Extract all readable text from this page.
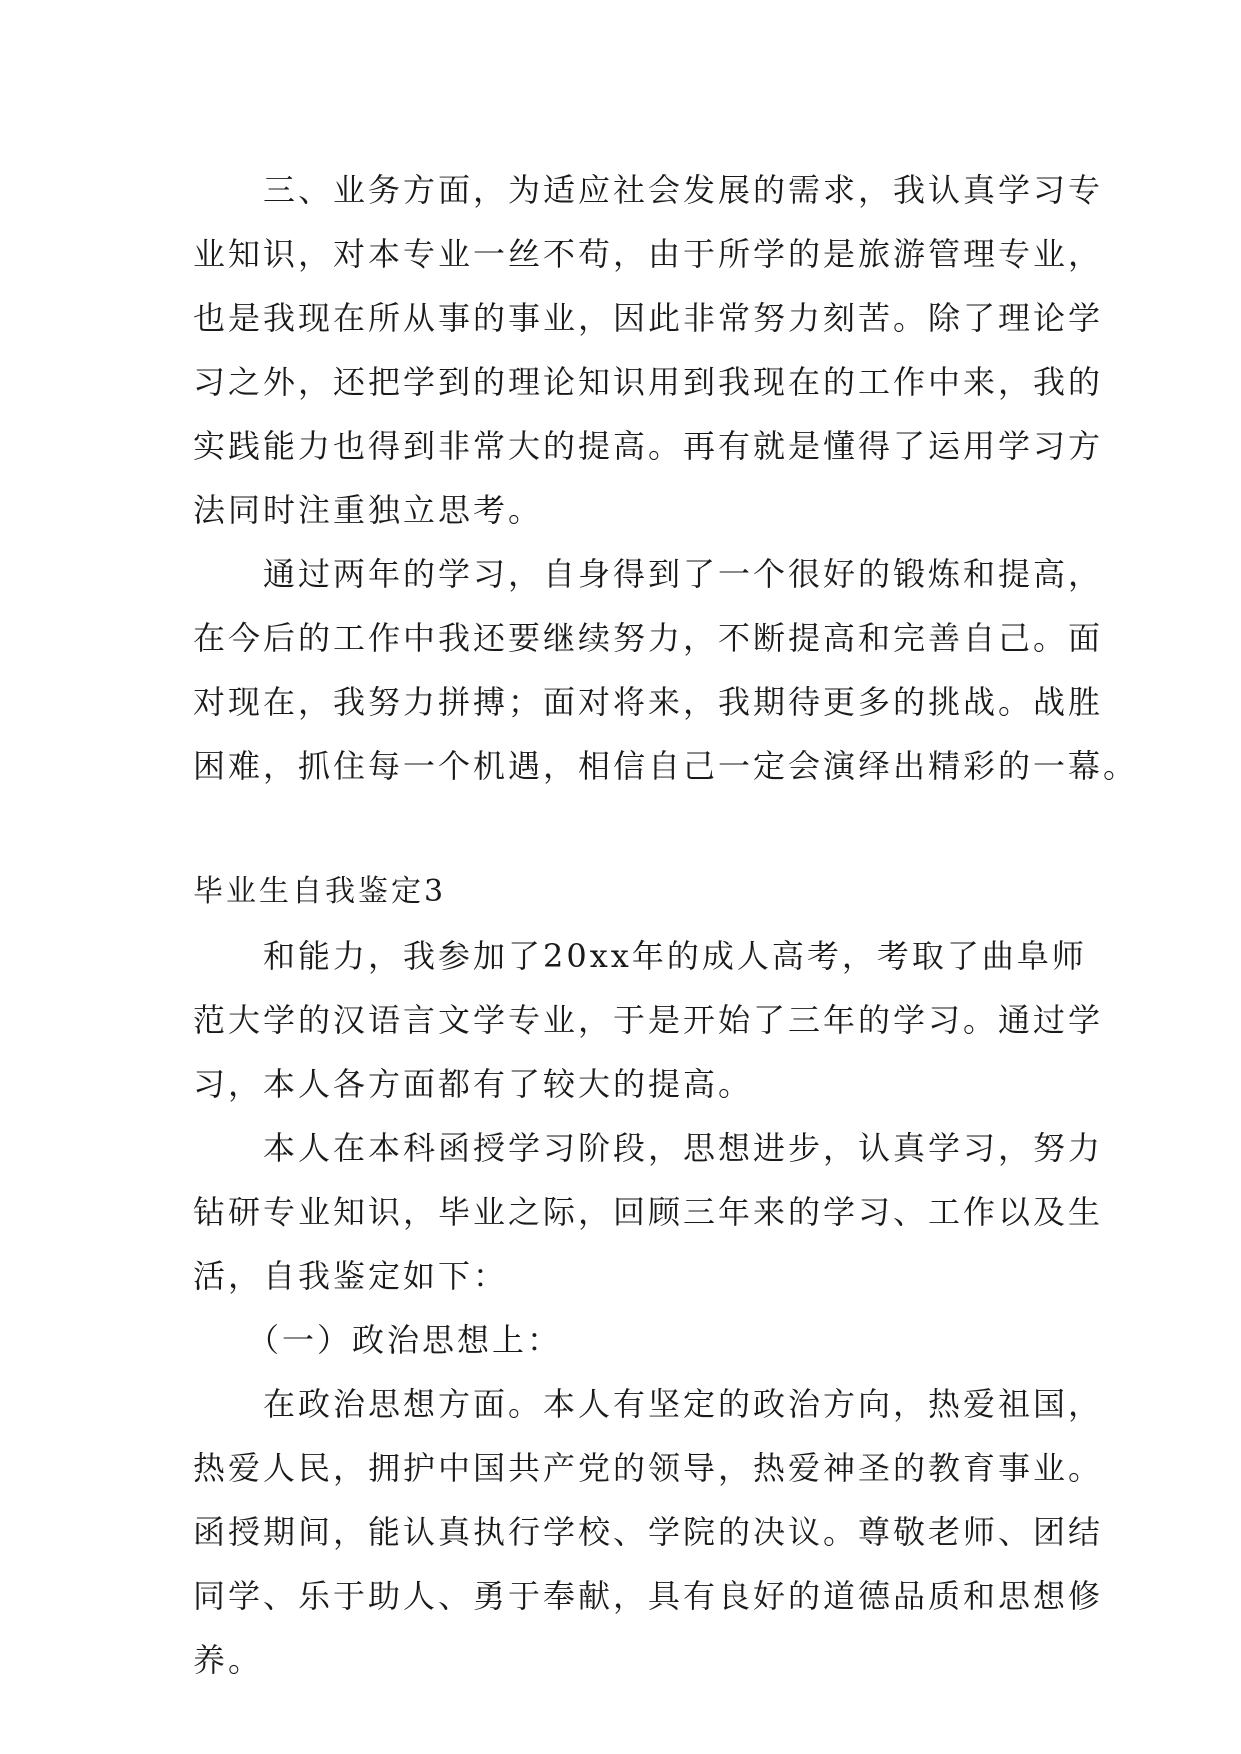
　　三、业务方面，为适应社会发展的需求，我认真学习专
业知识，对本专业一丝不苟，由于所学的是旅游管理专业，
也是我现在所从事的事业，因此非常努力刻苦。除了理论学
习之外，还把学到的理论知识用到我现在的工作中来，我的
实践能力也得到非常大的提高。再有就是懂得了运用学习方
法同时注重独立思考。
　　通过两年的学习，自身得到了一个很好的锻炼和提高，
在今后的工作中我还要继续努力，不断提高和完善自己。面
对现在，我努力拼搏；面对将来，我期待更多的挑战。战胜
困难，抓住每一个机遇，相信自己一定会演绎出精彩的一幕。
毕业生自我鉴定3
　　和能力，我参加了20xx年的成人高考，考取了曲阜师
范大学的汉语言文学专业，于是开始了三年的学习。通过学
习，本人各方面都有了较大的提高。
　　本人在本科函授学习阶段，思想进步，认真学习，努力
钻研专业知识，毕业之际，回顾三年来的学习、工作以及生
活，自我鉴定如下：
　　（一）政治思想上：
　　在政治思想方面。本人有坚定的政治方向，热爱祖国，
热爱人民，拥护中国共产党的领导，热爱神圣的教育事业。
函授期间，能认真执行学校、学院的决议。尊敬老师、团结
同学、乐于助人、勇于奉献，具有良好的道德品质和思想修
养。
